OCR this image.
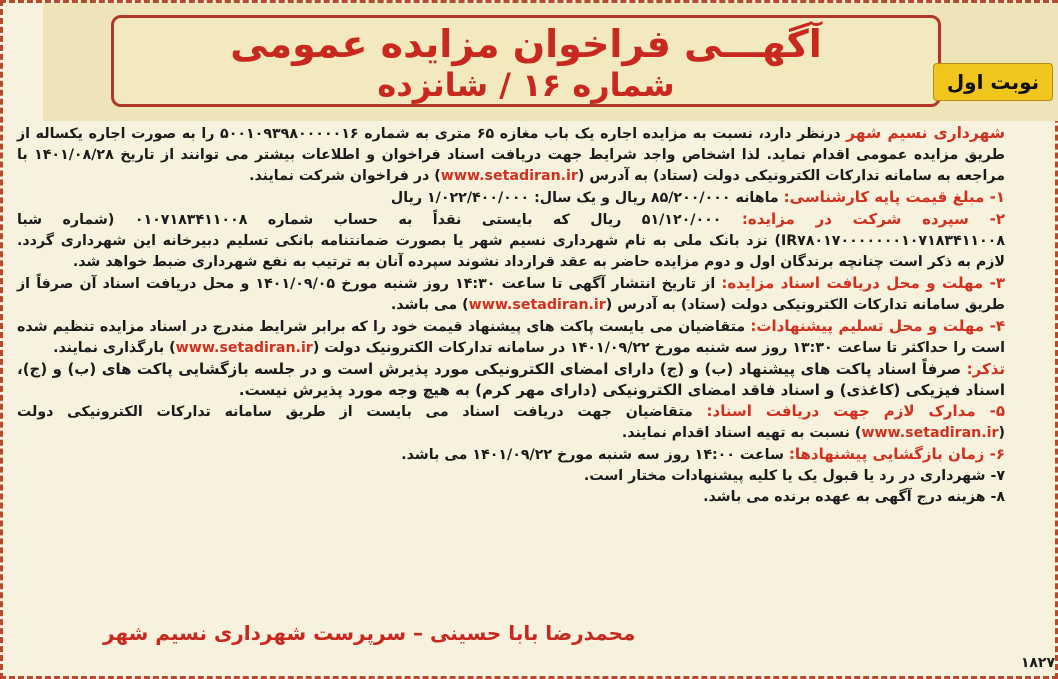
آگهـــی فراخوان مزایده عمومی
شماره ۱۶ / شانزده	نوبت اول

شهرداری نسیم شهر درنظر دارد، نسبت به مزایده اجاره یک باب مغازه ۶۵ متری به شماره ۵۰۰۱۰۹۳۹۸۰۰۰۰۰۱۶ را به صورت اجاره یکساله از طریق مزایده عمومی اقدام نماید. لذا اشخاص واجد شرایط جهت دریافت اسناد فراخوان و اطلاعات بیشتر می توانند از تاریخ ۱۴۰۱/۰۸/۲۸ با مراجعه به سامانه تدارکات الکترونیکی دولت (ستاد) به آدرس (www.setadiran.ir) در فراخوان شرکت نمایند.

۱- مبلغ قیمت پایه کارشناسی: ماهانه ۸۵/۲۰۰/۰۰۰ ریال و یک سال: ۱/۰۲۲/۴۰۰/۰۰۰ ریال

۲- سپرده شرکت در مزایده: ۵۱/۱۲۰/۰۰۰ ریال که بایستی نقداً به حساب شماره ۰۱۰۷۱۸۳۴۱۱۰۰۸ (شماره شبا IR۷۸۰۱۷۰۰۰۰۰۰۰۱۰۷۱۸۳۴۱۱۰۰۸) نزد بانک ملی به نام شهرداری نسیم شهر یا بصورت ضمانتنامه بانکی تسلیم دبیرخانه این شهرداری گردد. لازم به ذکر است چنانچه برندگان اول و دوم مزایده حاضر به عقد قرارداد نشوند سپرده آنان به ترتیب به نفع شهرداری ضبط خواهد شد.

۳- مهلت و محل دریافت اسناد مزایده: از تاریخ انتشار آگهی تا ساعت ۱۴:۳۰ روز شنبه مورخ ۱۴۰۱/۰۹/۰۵ و محل دریافت اسناد آن صرفاً از طریق سامانه تدارکات الکترونیکی دولت (ستاد) به آدرس (www.setadiran.ir) می باشد.

۴- مهلت و محل تسلیم پیشنهادات: متقاضیان می بایست پاکت های پیشنهاد قیمت خود را که برابر شرایط مندرج در اسناد مزایده تنظیم شده است را حداکثر تا ساعت ۱۳:۳۰ روز سه شنبه مورخ ۱۴۰۱/۰۹/۲۲ در سامانه تدارکات الکترونیک دولت (www.setadiran.ir) بارگذاری نمایند.

تذکر: صرفاً اسناد پاکت های پیشنهاد (ب) و (ج) دارای امضای الکترونیکی مورد پذیرش است و در جلسه بازگشایی پاکت های (ب) و (ج)، اسناد فیزیکی (کاغذی) و اسناد فاقد امضای الکترونیکی (دارای مهر کرم) به هیچ وجه مورد پذیرش نیست.

۵- مدارک لازم جهت دریافت اسناد: متقاضیان جهت دریافت اسناد می بایست از طریق سامانه تدارکات الکترونیکی دولت (www.setadiran.ir) نسبت به تهیه اسناد اقدام نمایند.

۶- زمان بازگشایی پیشنهادها: ساعت ۱۴:۰۰ روز سه شنبه مورخ ۱۴۰۱/۰۹/۲۲ می باشد.

۷- شهرداری در رد یا قبول یک یا کلیه پیشنهادات مختار است.

۸- هزینه درج آگهی به عهده برنده می باشد.

محمدرضا بابا حسینی – سرپرست شهرداری نسیم شهر
۱۸۲۷
